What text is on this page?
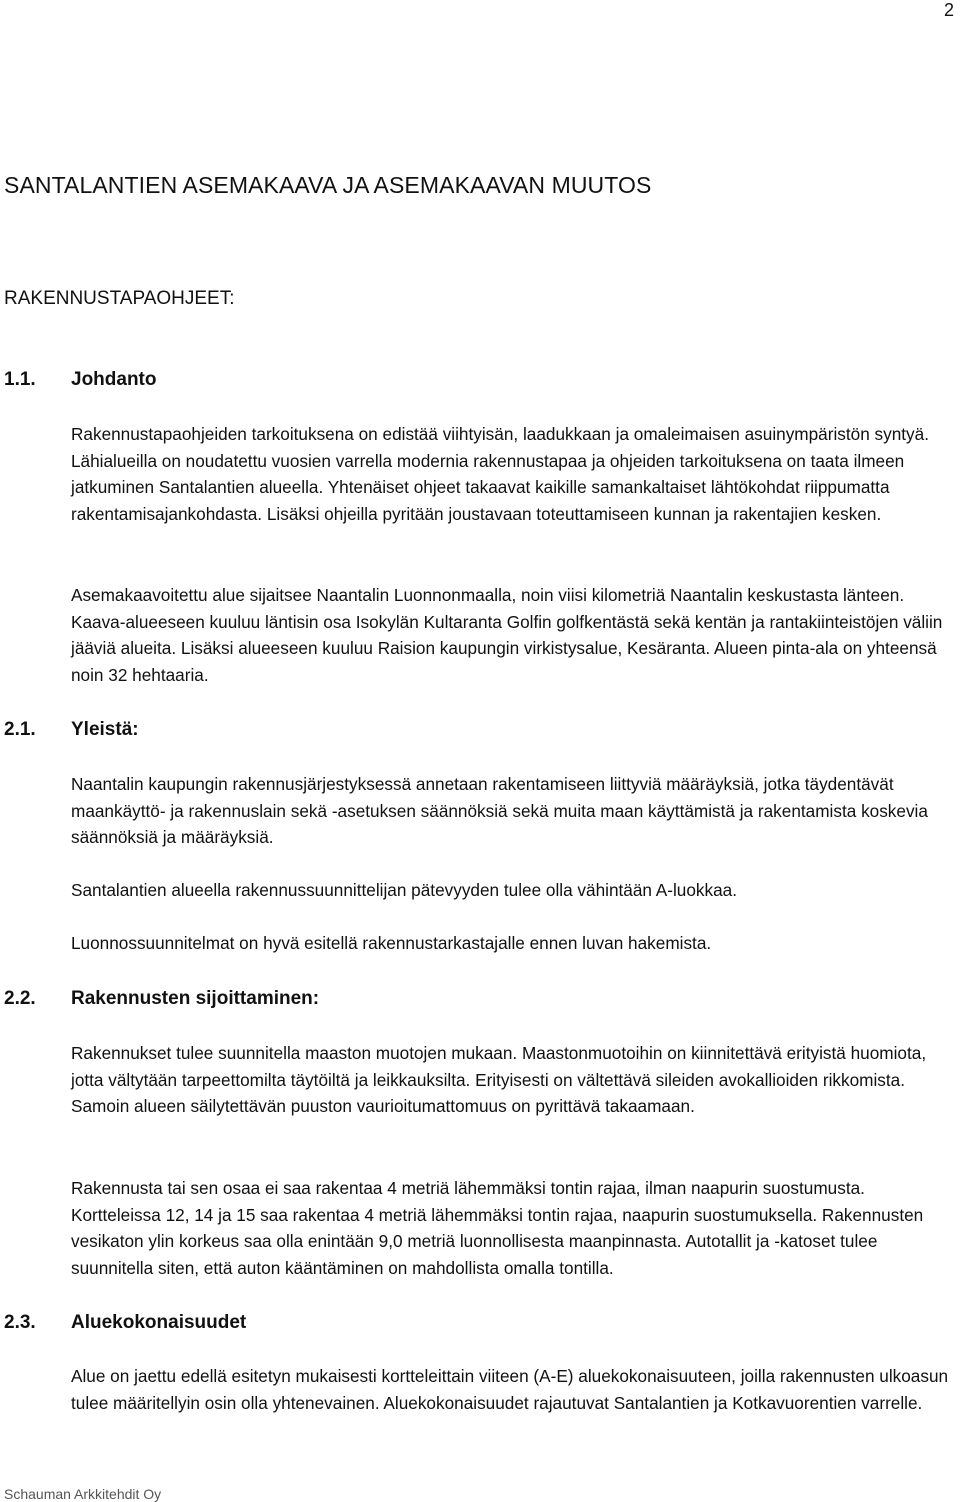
2
SANTALANTIEN ASEMAKAAVA JA ASEMAKAAVAN MUUTOS
RAKENNUSTAPAOHJEET:
1.1. Johdanto

Rakennustapaohjeiden tarkoituksena on edistää viihtyisän, laadukkaan ja omaleimaisen asuinympäristön syntyä. Lähialueilla on noudatettu vuosien varrella modernia rakennustapaa ja ohjeiden tarkoituksena on taata ilmeen jatkuminen Santalantien alueella. Yhtenäiset ohjeet takaavat kaikille samankaltaiset lähtökohdat riippumatta rakentamisajankohdasta. Lisäksi ohjeilla pyritään joustavaan toteuttamiseen kunnan ja rakentajien kesken.

Asemakaavoitettu alue sijaitsee Naantalin Luonnonmaalla, noin viisi kilometriä Naantalin keskustasta länteen. Kaava-alueeseen kuuluu läntisin osa Isokylän Kultaranta Golfin golfkentästä sekä kentän ja rantakiinteistöjen väliin jääviä alueita. Lisäksi alueeseen kuuluu Raision kaupungin virkistysalue, Kesäranta. Alueen pinta-ala on yhteensä noin 32 hehtaaria.

2.1. Yleistä:

Naantalin kaupungin rakennusjärjestyksessä annetaan rakentamiseen liittyviä määräyksiä, jotka täydentävät maankäyttö- ja rakennuslain sekä -asetuksen säännöksiä sekä muita maan käyttämistä ja rakentamista koskevia säännöksiä ja määräyksiä.

Santalantien alueella rakennussuunnittelijan pätevyyden tulee olla vähintään A-luokkaa.

Luonnossuunnitelmat on hyvä esitellä rakennustarkastajalle ennen luvan hakemista.

2.2. Rakennusten sijoittaminen:

Rakennukset tulee suunnitella maaston muotojen mukaan. Maastonmuotoihin on kiinnitettävä erityistä huomiota, jotta vältytään tarpeettomilta täytöiltä ja leikkauksilta. Erityisesti on vältettävä sileiden avokallioiden rikkomista. Samoin alueen säilytettävän puuston vaurioitumattomuus on pyrittävä takaamaan.

Rakennusta tai sen osaa ei saa rakentaa 4 metriä lähemmäksi tontin rajaa, ilman naapurin suostumusta. Kortteleissa 12, 14 ja 15 saa rakentaa 4 metriä lähemmäksi tontin rajaa, naapurin suostumuksella. Rakennusten vesikaton ylin korkeus saa olla enintään 9,0 metriä luonnollisesta maanpinnasta. Autotallit ja -katoset tulee suunnitella siten, että auton kääntäminen on mahdollista omalla tontilla.

2.3. Aluekokonaisuudet

Alue on jaettu edellä esitetyn mukaisesti kortteleittain viiteen (A-E) aluekokonaisuuteen, joilla rakennusten ulkoasun tulee määritellyin osin olla yhtenevainen. Aluekokonaisuudet rajautuvat Santalantien ja Kotkavuorentien varrelle.

Schauman Arkkitehdit Oy
